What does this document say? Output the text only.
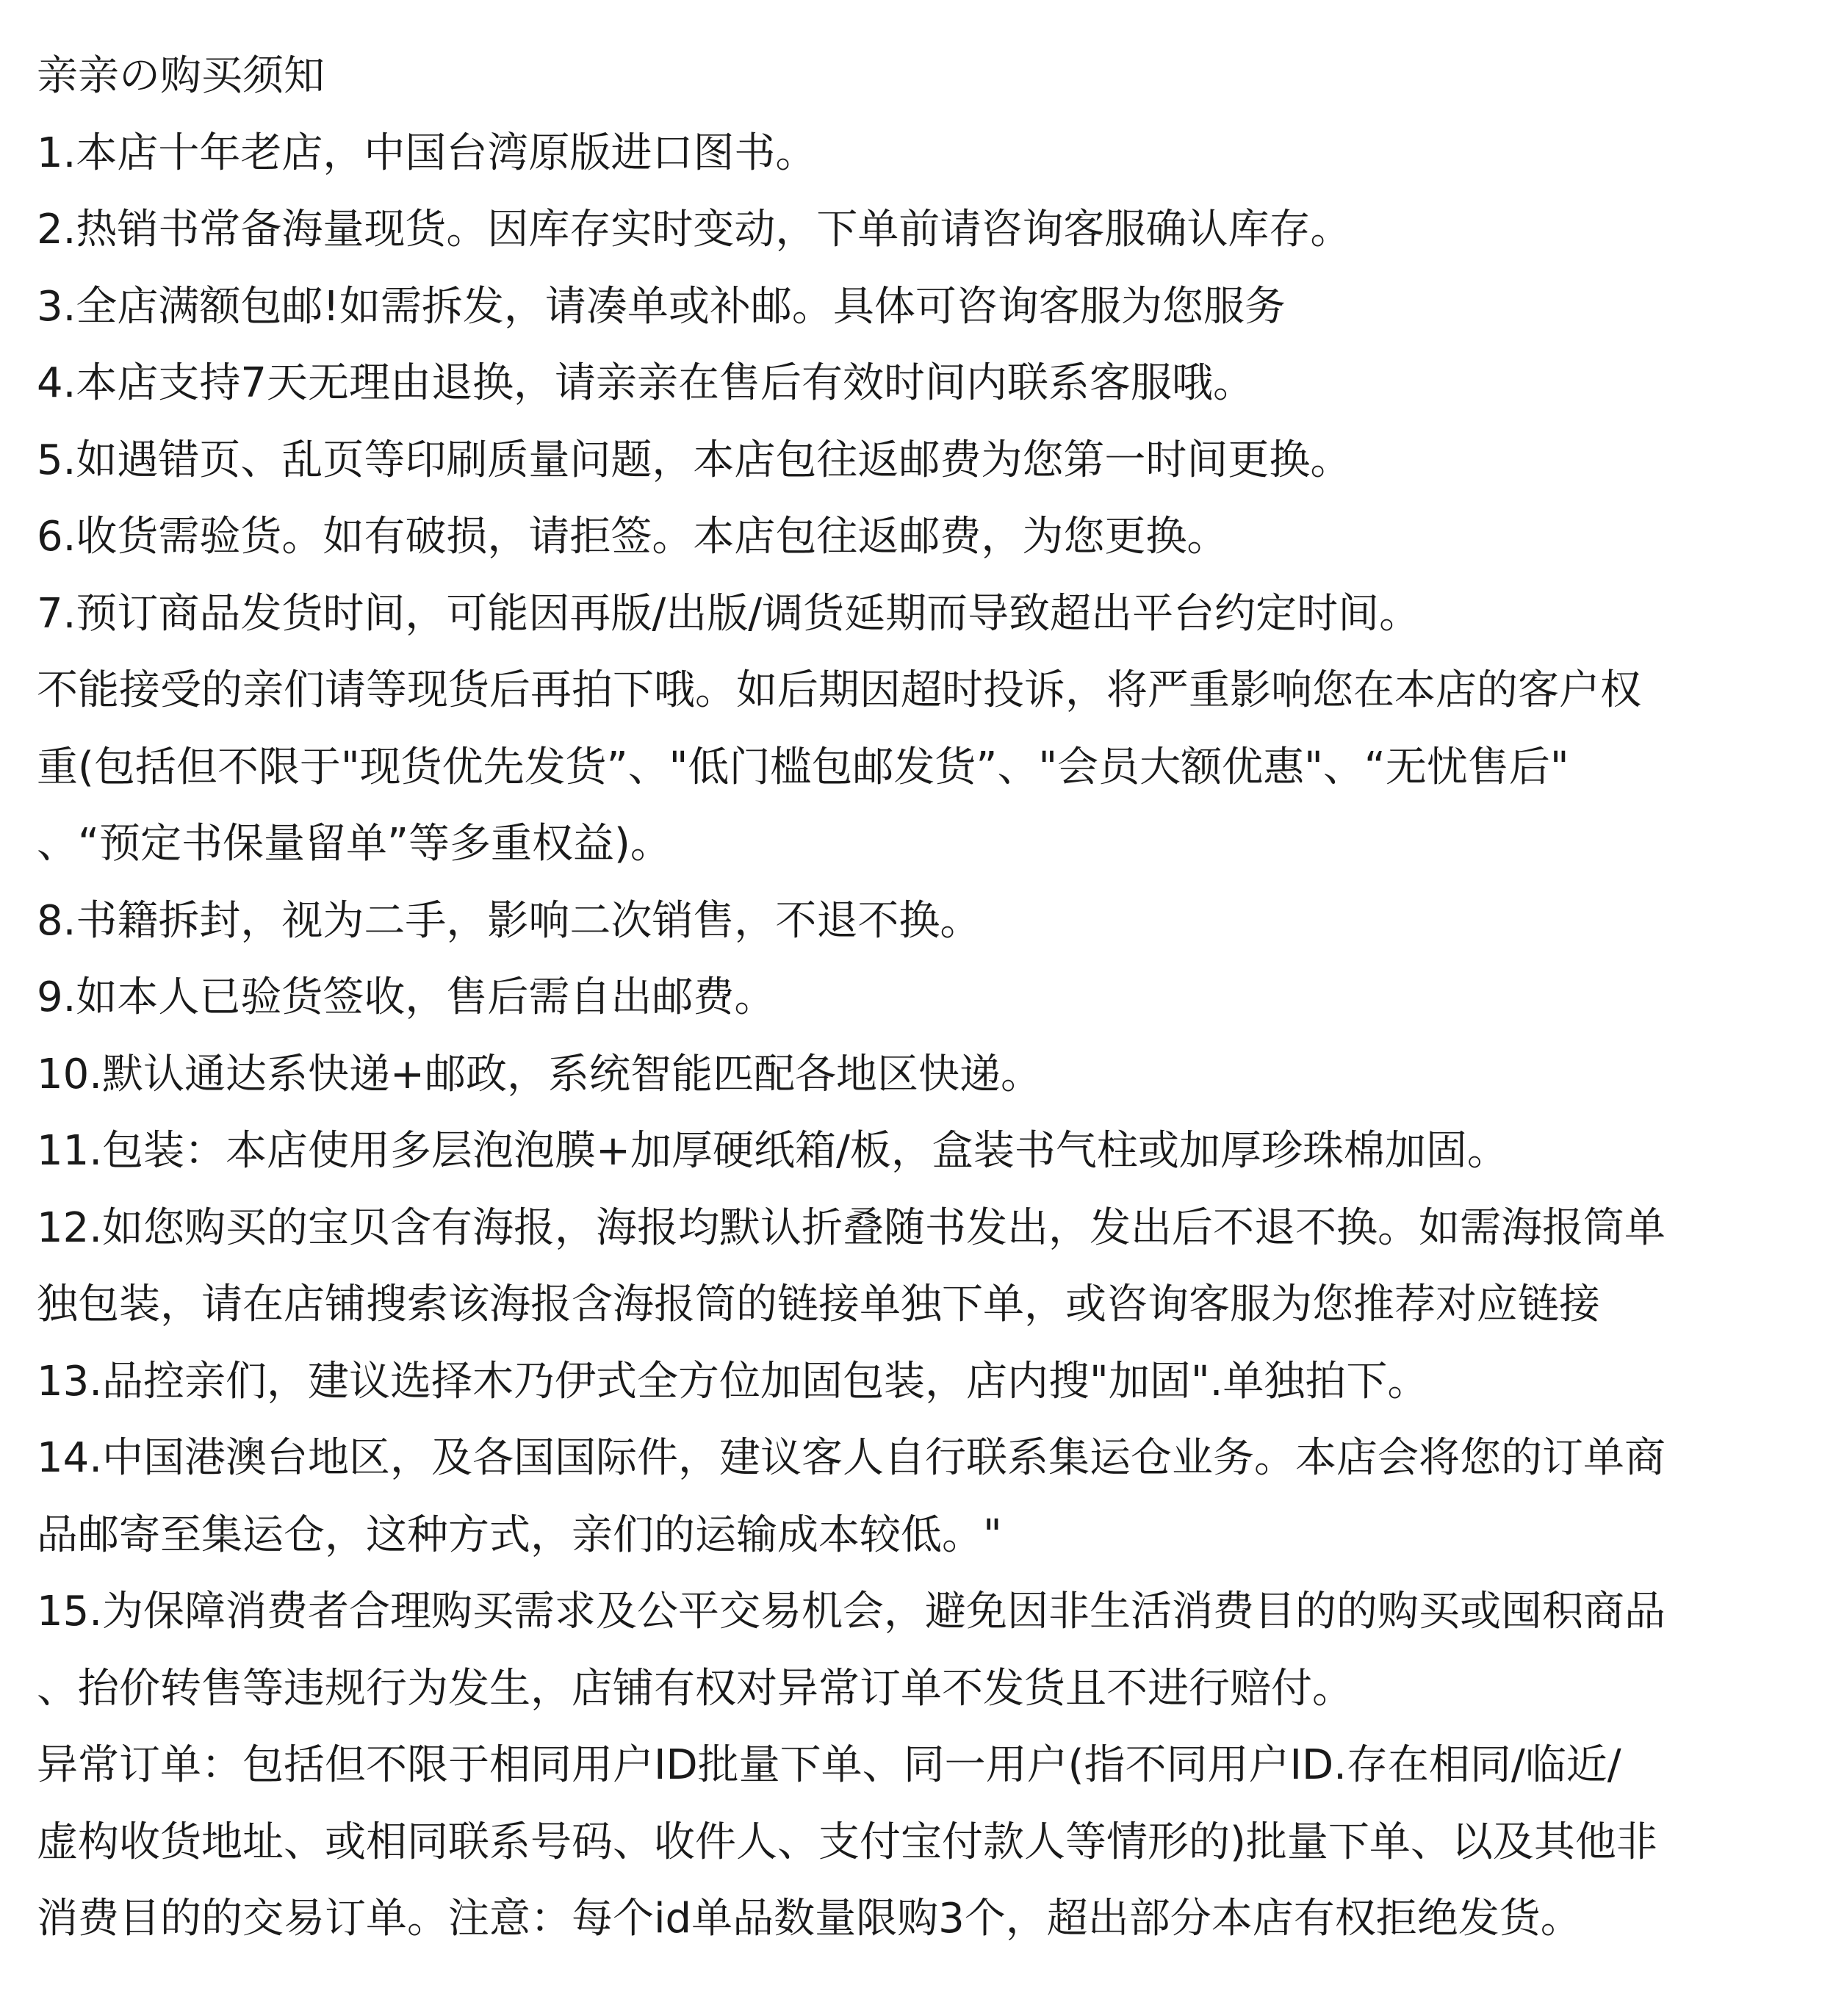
亲亲の购买须知
1.本店十年老店，中国台湾原版进口图书。
2.热销书常备海量现货。因库存实时变动，下单前请咨询客服确认库存。
3.全店满额包邮!如需拆发，请凑单或补邮。具体可咨询客服为您服务
4.本店支持7天无理由退换，请亲亲在售后有效时间内联系客服哦。
5.如遇错页、乱页等印刷质量问题，本店包往返邮费为您第一时间更换。
6.收货需验货。如有破损，请拒签。本店包往返邮费，为您更换。
7.预订商品发货时间，可能因再版/出版/调货延期而导致超出平台约定时间。
不能接受的亲们请等现货后再拍下哦。如后期因超时投诉，将严重影响您在本店的客户权
重(包括但不限于"现货优先发货”、"低门槛包邮发货”、"会员大额优惠"、“无忧售后"
、“预定书保量留单”等多重权益)。
8.书籍拆封，视为二手，影响二次销售，不退不换。
9.如本人已验货签收，售后需自出邮费。
10.默认通达系快递+邮政，系统智能匹配各地区快递。
11.包装：本店使用多层泡泡膜+加厚硬纸箱/板，盒装书气柱或加厚珍珠棉加固。
12.如您购买的宝贝含有海报，海报均默认折叠随书发出，发出后不退不换。如需海报筒单
独包装，请在店铺搜索该海报含海报筒的链接单独下单，或咨询客服为您推荐对应链接
13.品控亲们，建议选择木乃伊式全方位加固包装，店内搜"加固".单独拍下。
14.中国港澳台地区，及各国国际件，建议客人自行联系集运仓业务。本店会将您的订单商
品邮寄至集运仓，这种方式，亲们的运输成本较低。"
15.为保障消费者合理购买需求及公平交易机会，避免因非生活消费目的的购买或囤积商品
、抬价转售等违规行为发生，店铺有权对异常订单不发货且不进行赔付。
异常订单：包括但不限于相同用户ID批量下单、同一用户(指不同用户ID.存在相同/临近/
虚构收货地址、或相同联系号码、收件人、支付宝付款人等情形的)批量下单、以及其他非
消费目的的交易订单。注意：每个id单品数量限购3个，超出部分本店有权拒绝发货。
